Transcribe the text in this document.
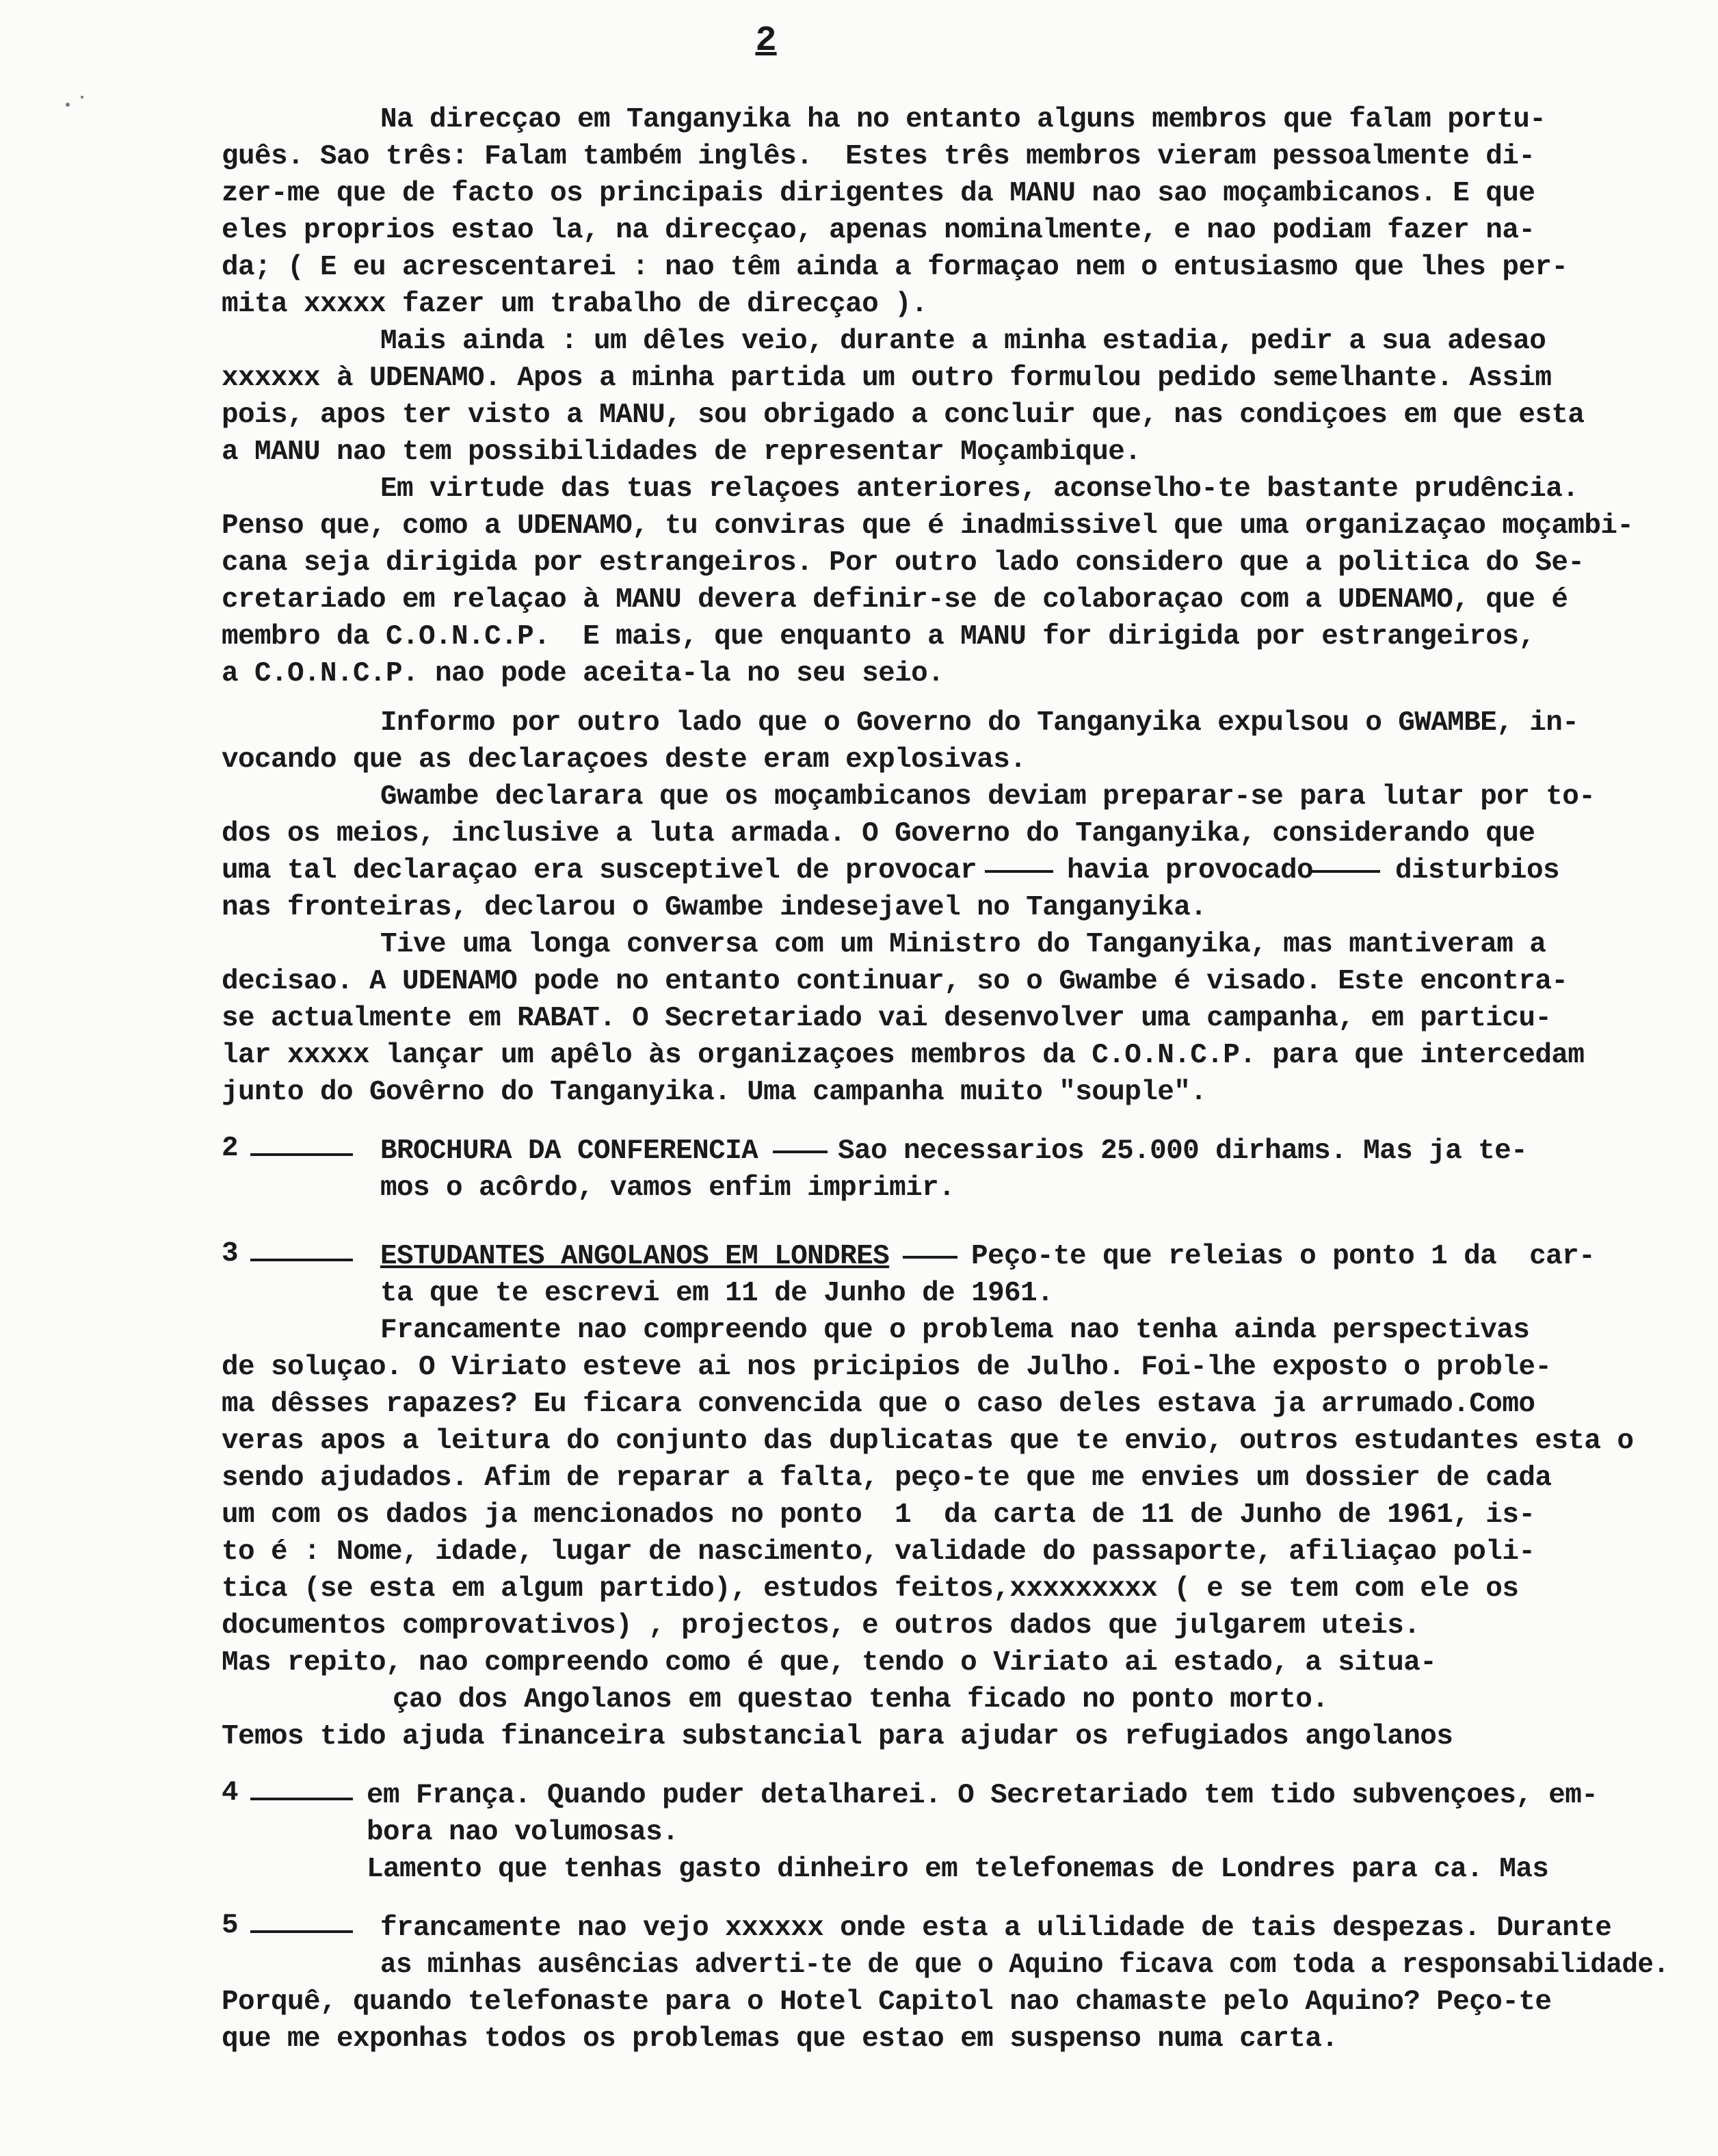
2
Na direcçao em Tanganyika ha no entanto alguns membros que falam portu-
guês. Sao três: Falam também inglês.  Estes três membros vieram pessoalmente di-
zer-me que de facto os principais dirigentes da MANU nao sao moçambicanos. E que
eles proprios estao la, na direcçao, apenas nominalmente, e nao podiam fazer na-
da; ( E eu acrescentarei : nao têm ainda a formaçao nem o entusiasmo que lhes per-
mita xxxxx fazer um trabalho de direcçao ).
Mais ainda : um dêles veio, durante a minha estadia, pedir a sua adesao
xxxxxx à UDENAMO. Apos a minha partida um outro formulou pedido semelhante. Assim
pois, apos ter visto a MANU, sou obrigado a concluir que, nas condiçoes em que esta
a MANU nao tem possibilidades de representar Moçambique.
Em virtude das tuas relaçoes anteriores, aconselho-te bastante prudência.
Penso que, como a UDENAMO, tu conviras que é inadmissivel que uma organizaçao moçambi-
cana seja dirigida por estrangeiros. Por outro lado considero que a politica do Se-
cretariado em relaçao à MANU devera definir-se de colaboraçao com a UDENAMO, que é
membro da C.O.N.C.P.  E mais, que enquanto a MANU for dirigida por estrangeiros,
a C.O.N.C.P. nao pode aceita-la no seu seio.
Informo por outro lado que o Governo do Tanganyika expulsou o GWAMBE, in-
vocando que as declaraçoes deste eram explosivas.
Gwambe declarara que os moçambicanos deviam preparar-se para lutar por to-
dos os meios, inclusive a luta armada. O Governo do Tanganyika, considerando que
uma tal declaraçao era susceptivel de provocar	havia provocado	disturbios
nas fronteiras, declarou o Gwambe indesejavel no Tanganyika.
Tive uma longa conversa com um Ministro do Tanganyika, mas mantiveram a
decisao. A UDENAMO pode no entanto continuar, so o Gwambe é visado. Este encontra-
se actualmente em RABAT. O Secretariado vai desenvolver uma campanha, em particu-
lar xxxxx lançar um apêlo às organizaçoes membros da C.O.N.C.P. para que intercedam
junto do Govêrno do Tanganyika. Uma campanha muito "souple".
2	BROCHURA DA CONFERENCIA	Sao necessarios 25.000 dirhams. Mas ja te-
mos o acôrdo, vamos enfim imprimir.
3	ESTUDANTES ANGOLANOS EM LONDRES	Peço-te que releias o ponto 1 da  car-
ta que te escrevi em 11 de Junho de 1961.
Francamente nao compreendo que o problema nao tenha ainda perspectivas
de soluçao. O Viriato esteve ai nos pricipios de Julho. Foi-lhe exposto o proble-
ma dêsses rapazes? Eu ficara convencida que o caso deles estava ja arrumado.Como
veras apos a leitura do conjunto das duplicatas que te envio, outros estudantes esta o
sendo ajudados. Afim de reparar a falta, peço-te que me envies um dossier de cada
um com os dados ja mencionados no ponto  1  da carta de 11 de Junho de 1961, is-
to é : Nome, idade, lugar de nascimento, validade do passaporte, afiliaçao poli-
tica (se esta em algum partido), estudos feitos,xxxxxxxxx ( e se tem com ele os
documentos comprovativos) , projectos, e outros dados que julgarem uteis.
Mas repito, nao compreendo como é que, tendo o Viriato ai estado, a situa-
çao dos Angolanos em questao tenha ficado no ponto morto.
Temos tido ajuda financeira substancial para ajudar os refugiados angolanos
4	em França. Quando puder detalharei. O Secretariado tem tido subvençoes, em-
bora nao volumosas.
Lamento que tenhas gasto dinheiro em telefonemas de Londres para ca. Mas
5	francamente nao vejo xxxxxx onde esta a ulilidade de tais despezas. Durante
as minhas ausências adverti-te de que o Aquino ficava com toda a responsabilidade.
Porquê, quando telefonaste para o Hotel Capitol nao chamaste pelo Aquino? Peço-te
que me exponhas todos os problemas que estao em suspenso numa carta.
